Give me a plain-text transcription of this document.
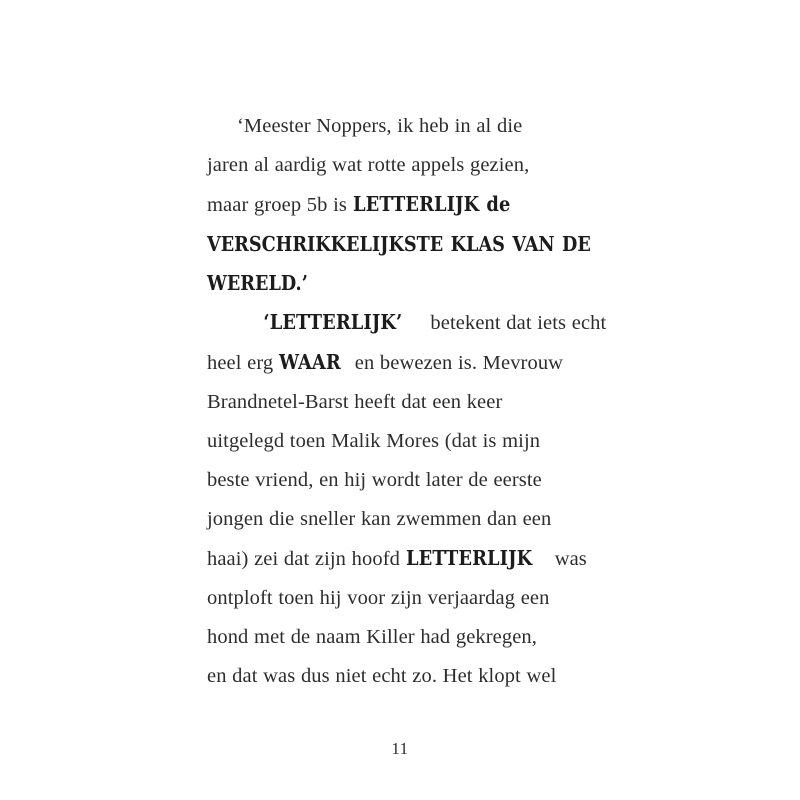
‘Meester Noppers, ik heb in al die
jaren al aardig wat rotte appels gezien,
maar groep 5b is LETTERLIJK de
VERSCHRIKKELIJKSTE KLAS VAN DE
WERELD.’

‘LETTERLIJK’ betekent dat iets echt
heel erg WAAR en bewezen is. Mevrouw
Brandnetel-Barst heeft dat een keer
uitgelegd toen Malik Mores (dat is mijn
beste vriend, en hij wordt later de eerste
jongen die sneller kan zwemmen dan een
haai) zei dat zijn hoofd LETTERLIJK was
ontploft toen hij voor zijn verjaardag een
hond met de naam Killer had gekregen,
en dat was dus niet echt zo. Het klopt wel

11
